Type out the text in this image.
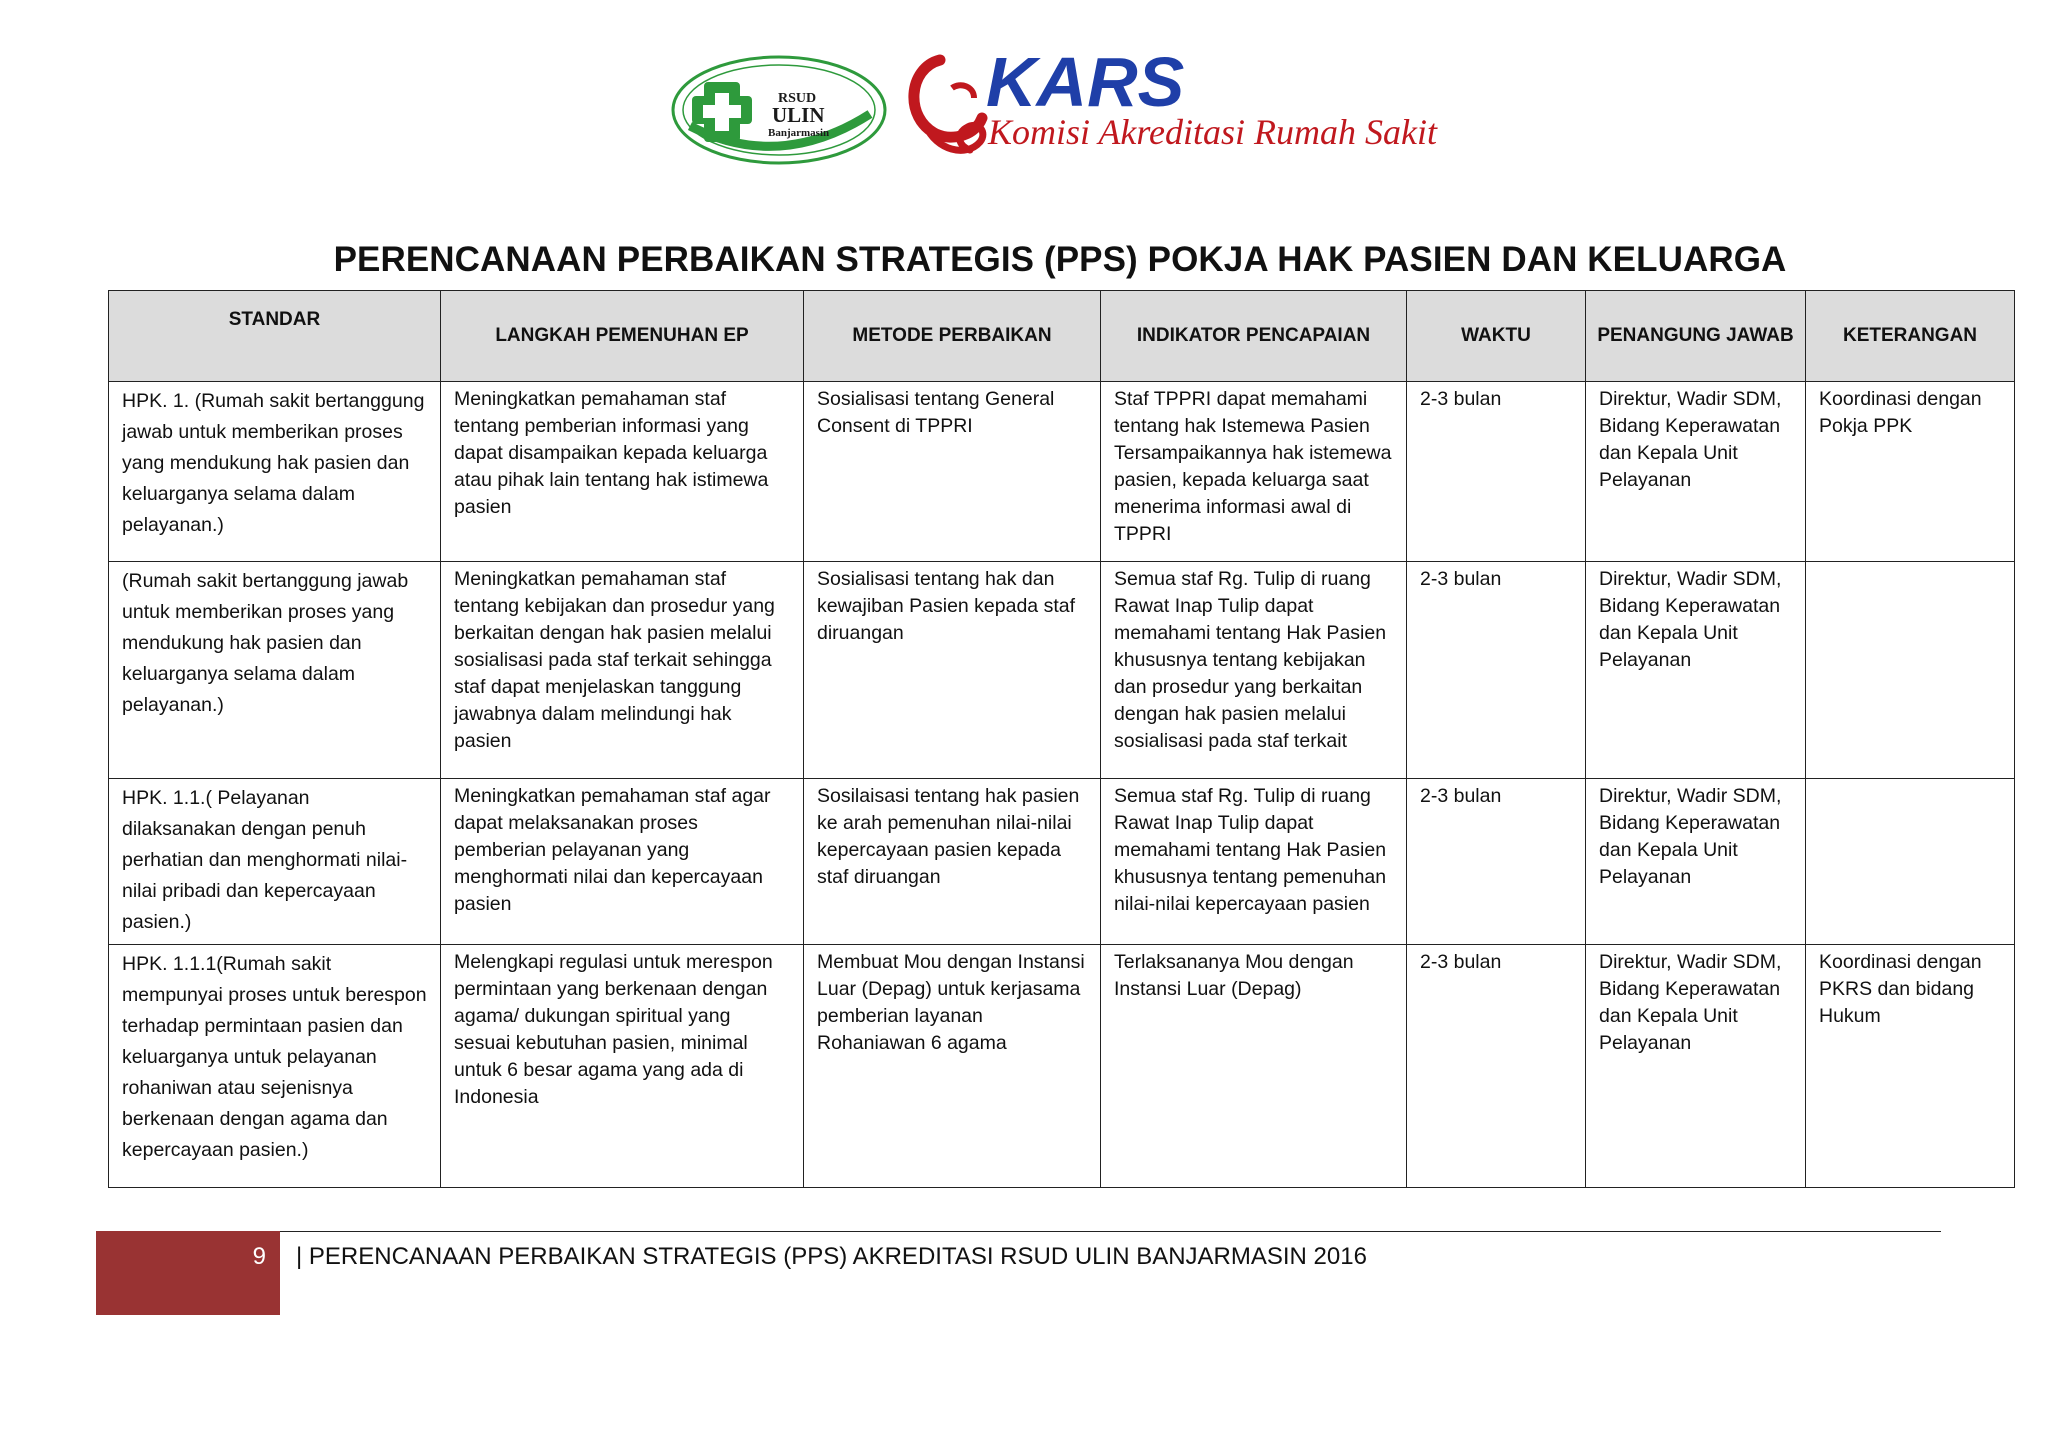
RSUD
ULIN
Banjarmasin
KARS
Komisi Akreditasi Rumah Sakit
PERENCANAAN PERBAIKAN STRATEGIS (PPS) POKJA HAK PASIEN DAN KELUARGA
STANDAR	LANGKAH PEMENUHAN EP	METODE PERBAIKAN	INDIKATOR PENCAPAIAN	WAKTU	PENANGUNG JAWAB	KETERANGAN
HPK. 1. (Rumah sakit bertanggung jawab untuk memberikan proses yang mendukung hak pasien dan keluarganya selama dalam pelayanan.)	Meningkatkan pemahaman staf tentang pemberian informasi yang dapat disampaikan kepada keluarga atau pihak lain tentang hak istimewa pasien	Sosialisasi tentang General Consent di TPPRI	Staf TPPRI dapat memahami tentang hak Istemewa Pasien Tersampaikannya hak istemewa pasien, kepada keluarga saat menerima informasi awal di TPPRI	2-3 bulan	Direktur, Wadir SDM, Bidang Keperawatan dan Kepala Unit Pelayanan	Koordinasi dengan Pokja PPK
(Rumah sakit bertanggung jawab untuk memberikan proses yang mendukung hak pasien dan keluarganya selama dalam pelayanan.)	Meningkatkan pemahaman staf tentang kebijakan dan prosedur yang berkaitan dengan hak pasien melalui sosialisasi pada staf terkait sehingga staf dapat menjelaskan tanggung jawabnya dalam melindungi hak pasien	Sosialisasi tentang hak dan kewajiban Pasien kepada staf diruangan	Semua staf Rg. Tulip di ruang Rawat Inap Tulip dapat memahami tentang Hak Pasien khususnya tentang kebijakan dan prosedur yang berkaitan dengan hak pasien melalui sosialisasi pada staf terkait	2-3 bulan	Direktur, Wadir SDM, Bidang Keperawatan dan Kepala Unit Pelayanan	
HPK. 1.1.( Pelayanan dilaksanakan dengan penuh perhatian dan menghormati nilai-nilai pribadi dan kepercayaan pasien.)	Meningkatkan pemahaman staf agar dapat melaksanakan proses pemberian pelayanan yang menghormati nilai dan kepercayaan pasien	Sosilaisasi tentang hak pasien ke arah pemenuhan nilai-nilai kepercayaan pasien kepada staf diruangan	Semua staf Rg. Tulip di ruang Rawat Inap Tulip dapat memahami tentang Hak Pasien khususnya tentang pemenuhan nilai-nilai kepercayaan pasien	2-3 bulan	Direktur, Wadir SDM, Bidang Keperawatan dan Kepala Unit Pelayanan	
HPK. 1.1.1(Rumah sakit mempunyai proses untuk berespon terhadap permintaan pasien dan keluarganya untuk pelayanan rohaniwan atau sejenisnya berkenaan dengan agama dan kepercayaan pasien.)	Melengkapi regulasi untuk merespon permintaan yang berkenaan dengan agama/ dukungan spiritual yang sesuai kebutuhan pasien, minimal untuk 6 besar agama yang ada di Indonesia	Membuat Mou dengan Instansi Luar (Depag) untuk kerjasama pemberian layanan Rohaniawan 6 agama	Terlaksananya Mou dengan Instansi Luar (Depag)	2-3 bulan	Direktur, Wadir SDM, Bidang Keperawatan dan Kepala Unit Pelayanan	Koordinasi dengan PKRS dan bidang Hukum
9 | PERENCANAAN PERBAIKAN STRATEGIS (PPS) AKREDITASI RSUD ULIN BANJARMASIN 2016
